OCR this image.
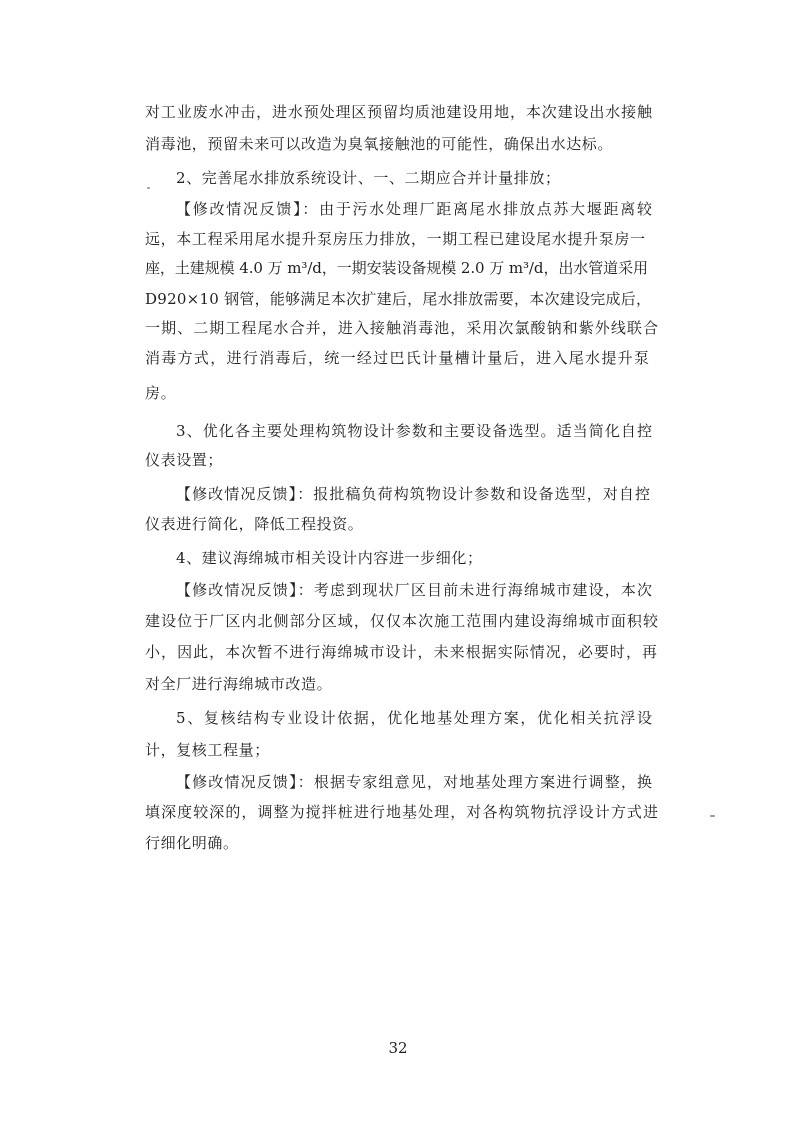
对工业废水冲击，进水预处理区预留均质池建设用地，本次建设出水接触
消毒池，预留未来可以改造为臭氧接触池的可能性，确保出水达标。
2、完善尾水排放系统设计、一、二期应合并计量排放；
【修改情况反馈】：由于污水处理厂距离尾水排放点苏大堰距离较
远，本工程采用尾水提升泵房压力排放，一期工程已建设尾水提升泵房一
座，土建规模 4.0 万 m³/d，一期安装设备规模 2.0 万 m³/d，出水管道采用
D920×10 钢管，能够满足本次扩建后，尾水排放需要，本次建设完成后，
一期、二期工程尾水合并，进入接触消毒池，采用次氯酸钠和紫外线联合
消毒方式，进行消毒后，统一经过巴氏计量槽计量后，进入尾水提升泵
房。
3、优化各主要处理构筑物设计参数和主要设备选型。适当简化自控
仪表设置；
【修改情况反馈】：报批稿负荷构筑物设计参数和设备选型，对自控
仪表进行简化，降低工程投资。
4、建议海绵城市相关设计内容进一步细化；
【修改情况反馈】：考虑到现状厂区目前未进行海绵城市建设，本次
建设位于厂区内北侧部分区域，仅仅本次施工范围内建设海绵城市面积较
小，因此，本次暂不进行海绵城市设计，未来根据实际情况，必要时，再
对全厂进行海绵城市改造。
5、复核结构专业设计依据，优化地基处理方案，优化相关抗浮设
计，复核工程量；
【修改情况反馈】：根据专家组意见，对地基处理方案进行调整，换
填深度较深的，调整为搅拌桩进行地基处理，对各构筑物抗浮设计方式进
行细化明确。
32
